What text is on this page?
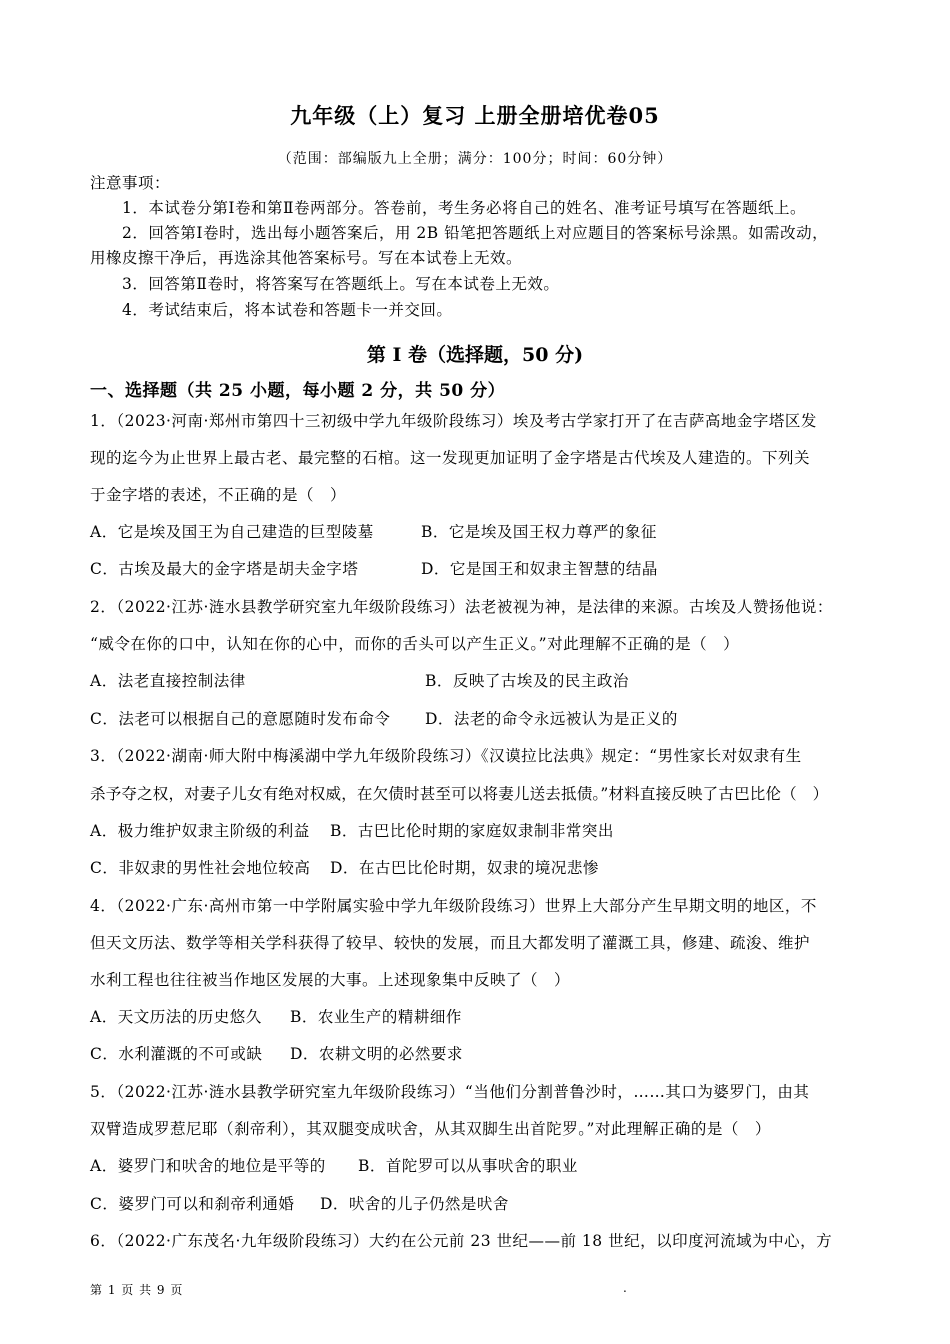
九年级（上）复习 上册全册培优卷05
（范围：部编版九上全册；满分：100分；时间：60分钟）
注意事项：
1．本试卷分第Ⅰ卷和第Ⅱ卷两部分。答卷前，考生务必将自己的姓名、准考证号填写在答题纸上。
2．回答第Ⅰ卷时，选出每小题答案后，用 2B 铅笔把答题纸上对应题目的答案标号涂黑。如需改动，
用橡皮擦干净后，再选涂其他答案标号。写在本试卷上无效。
3．回答第Ⅱ卷时，将答案写在答题纸上。写在本试卷上无效。
4．考试结束后，将本试卷和答题卡一并交回。
第 I 卷（选择题，50 分)
一、选择题（共 25 小题，每小题 2 分，共 50 分）
1．（2023·河南·郑州市第四十三初级中学九年级阶段练习）埃及考古学家打开了在吉萨高地金字塔区发
现的迄今为止世界上最古老、最完整的石棺。这一发现更加证明了金字塔是古代埃及人建造的。下列关
于金字塔的表述，不正确的是（　）
A．它是埃及国王为自己建造的巨型陵墓	B．它是埃及国王权力尊严的象征
C．古埃及最大的金字塔是胡夫金字塔	D．它是国王和奴隶主智慧的结晶
2．（2022·江苏·涟水县教学研究室九年级阶段练习）法老被视为神，是法律的来源。古埃及人赞扬他说：
“威令在你的口中，认知在你的心中，而你的舌头可以产生正义。”对此理解不正确的是（　）
A．法老直接控制法律	B．反映了古埃及的民主政治
C．法老可以根据自己的意愿随时发布命令 D．法老的命令永远被认为是正义的
3．（2022·湖南·师大附中梅溪湖中学九年级阶段练习）《汉谟拉比法典》规定：“男性家长对奴隶有生
杀予夺之权，对妻子儿女有绝对权威，在欠债时甚至可以将妻儿送去抵债。”材料直接反映了古巴比伦（　）
A．极力维护奴隶主阶级的利益 B．古巴比伦时期的家庭奴隶制非常突出
C．非奴隶的男性社会地位较高 D．在古巴比伦时期，奴隶的境况悲惨
4．（2022·广东·高州市第一中学附属实验中学九年级阶段练习）世界上大部分产生早期文明的地区，不
但天文历法、数学等相关学科获得了较早、较快的发展，而且大都发明了灌溉工具，修建、疏浚、维护
水利工程也往往被当作地区发展的大事。上述现象集中反映了（　）
A．天文历法的历史悠久 B．农业生产的精耕细作
C．水利灌溉的不可或缺 D．农耕文明的必然要求
5．（2022·江苏·涟水县教学研究室九年级阶段练习）“当他们分割普鲁沙时，……其口为婆罗门，由其
双臂造成罗惹尼耶（刹帝利），其双腿变成吠舍，从其双脚生出首陀罗。”对此理解正确的是（　）
A．婆罗门和吠舍的地位是平等的 B．首陀罗可以从事吠舍的职业
C．婆罗门可以和刹帝利通婚 D．吠舍的儿子仍然是吠舍
6．（2022·广东茂名·九年级阶段练习）大约在公元前 23 世纪——前 18 世纪，以印度河流域为中心，方
第 1 页 共 9 页	.
